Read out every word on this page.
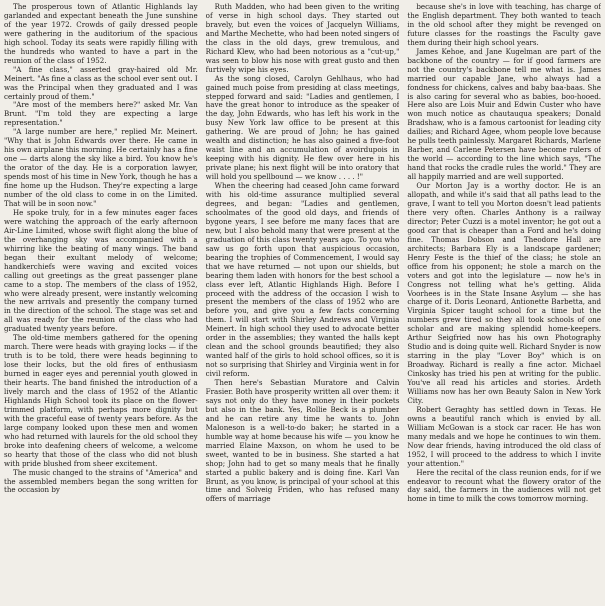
The prosperous town of Atlantic Highlands lay garlanded and expectant beneath the June sunshine of the year 1972. Crowds of gaily dressed people were gathering in the auditorium of the spacious high school. Today its seats were rapidly filling with the hundreds who wanted to have a part in the reunion of the class of 1952.

"A fine class," asserted gray-haired old Mr. Meinert. "As fine a class as the school ever sent out. I was the Principal when they graduated and I was certainly proud of them."

"Are most of the members here?" asked Mr. Van Brunt. "I'm told they are expecting a large representation."

"A large number are here," replied Mr. Meinert. "Why that is John Edwards over there. He came in his own airplane this morning. He certainly has a fine one — darts along the sky like a bird. You know he's the orator of the day. He is a corporation lawyer, spends most of his time in New York, though he has a fine home up the Hudson. They're expecting a large number of the old class to come in on the Limited. That will be in soon now."

He spoke truly, for in a few minutes eager faces were watching the approach of the early afternoon Air-Line Limited, whose swift flight along the blue of the overhanging sky was accompanied with a whirring like the beating of many wings. The band began their exultant melody of welcome; handkerchiefs were waving and excited voices calling out greetings as the great passenger plane came to a stop. The members of the class of 1952, who were already present, were instantly welcoming the new arrivals and presently the company turned in the direction of the school. The stage was set and all was ready for the reunion of the class who had graduated twenty years before.

The old-time members gathered for the opening march. There were heads with graying locks — if the truth is to be told, there were heads beginning to lose their locks, but the old fires of enthusiasm burned in eager eyes and perennial youth glowed in their hearts. The band finished the introduction of a lively march and the class of 1952 of the Atlantic Highlands High School took its place on the flower-trimmed platform, with perhaps more dignity but with the graceful ease of twenty years before. As the large company looked upon these men and women who had returned with laurels for the old school they broke into deafening cheers of welcome, a welcome so hearty that those of the class who did not blush with pride blushed from sheer excitement.

The music changed to the strains of "America" and the assembled members began the song written for the occasion by

Ruth Madden, who had been given to the writing of verse in high school days. They started out bravely, but even the voices of Jacquelyn Williams, and Marthe Mechette, who had been noted singers of the class in the old days, grew tremulous, and Richard Klew, who had been notorious as a "cut-up," was seen to blow his nose with great gusto and then furtively wipe his eyes.

As the song closed, Carolyn Gehlhaus, who had gained much poise from presiding at class meetings, stepped forward and said: "Ladies and gentlemen, I have the great honor to introduce as the speaker of the day, John Edwards, who has left his work in the busy New York law office to be present at this gathering. We are proud of John; he has gained wealth and distinction; he has also gained a five-foot waist line and an accumulation of avoirdupois in keeping with his dignity. He flew over here in his private plane; his next flight will be into oratory that will hold you spellbound — we know . . . . !"

When the cheering had ceased John came forward with his old-time assurance multiplied several degrees, and began: "Ladies and gentlemen, schoolmates of the good old days, and friends of bygone years, I see before me many faces that are new, but I also behold many that were present at the graduation of this class twenty years ago. To you who saw us go forth upon that auspicious occasion, bearing the trophies of Commencement, I would say that we have returned — not upon our shields, but bearing them laden with honors for the best school a class ever left, Atlantic Highlands High. Before I proceed with the address of the occasion I wish to present the members of the class of 1952 who are before you, and give you a few facts concerning them. I will start with Shirley Andrews and Virginia Meinert. In high school they used to advocate better order in the assemblies; they wanted the halls kept clean and the school grounds beautified; they also wanted half of the girls to hold school offices, so it is not so surprising that Shirley and Virginia went in for civil reform.

Then here's Sebastian Muratore and Calvin Frasier. Both have prosperity written all over them: it says not only do they have money in their pockets but also in the bank. Yes, Rollie Beck is a plumber and he can retire any time he wants to. John Maloneson is a well-to-do baker; he started in a humble way at home because his wife — you know he married Elaine Maxson, on whom he used to be sweet, wanted to be in business. She started a hat shop; John had to get so many meals that he finally started a public bakery and is doing fine. Karl Van Brunt, as you know, is principal of your school at this time and Solveig Friden, who has refused many offers of marriage

because she's in love with teaching, has charge of the English department. They both wanted to teach in the old school after they might be revenged on future classes for the roastings the Faculty gave them during their high school years.

James Kehoe, and Jane Kugelman are part of the backbone of the country — for if good farmers are not the country's backbone tell me what is. James married our capable Jane, who always had a fondness for chickens, calves and baby baa-baas. She is also caring for several who as babies, boo-hooed. Here also are Lois Muir and Edwin Custer who have won much notice as chautauqua speakers; Donald Bradshaw, who is a famous cartoonist for leading city dailies; and Richard Agee, whom people love because he pulls teeth painlessly. Margaret Richards, Marlene Barber, and Carlene Petersen have become rulers of the world — according to the line which says, "The hand that rocks the cradle rules the world." They are all happily married and are well supported.

Our Morton Jay is a worthy doctor. He is an allopath, and while it's said that all paths lead to the grave, I want to tell you Morton doesn't lead patients there very often. Charles Anthony is a railway director; Peter Cuzzi is a motel inventor; he got out a good car that is cheaper than a Ford and he's doing fine. Thomas Dobson and Theodore Hall are architects; Barbara Ely is a landscape gardener; Henry Feste is the thief of the class; he stole an office from his opponent; he stole a march on the voters and got into the legislature — now he's in Congress not telling what he's getting. Alida Voorhees is in the State Insane Asylum — she has charge of it. Doris Leonard, Antionette Barbetta, and Virginia Spicer taught school for a time but the numbers grew tired so they all took schools of one scholar and are making splendid home-keepers. Arthur Seigfried now has his own Photography Studio and is doing quite well. Richard Snyder is now starring in the play "Lover Boy" which is on Broadway. Richard is really a fine actor. Michael Cinkosky has tried his pen at writing for the public. You've all read his articles and stories. Ardeth Williams now has her own Beauty Salon in New York City.

Robert Geraghty has settled down in Texas. He owns a beautiful ranch which is envied by all. William McGowan is a stock car racer. He has won many medals and we hope he continues to win them. Now dear friends, having introduced the old class of 1952, I will proceed to the address to which I invite your attention."

Here the recital of the class reunion ends, for if we endeavor to recount what the flowery orator of the day said, the farmers in the audiences will not get home in time to milk the cows tomorrow morning.
